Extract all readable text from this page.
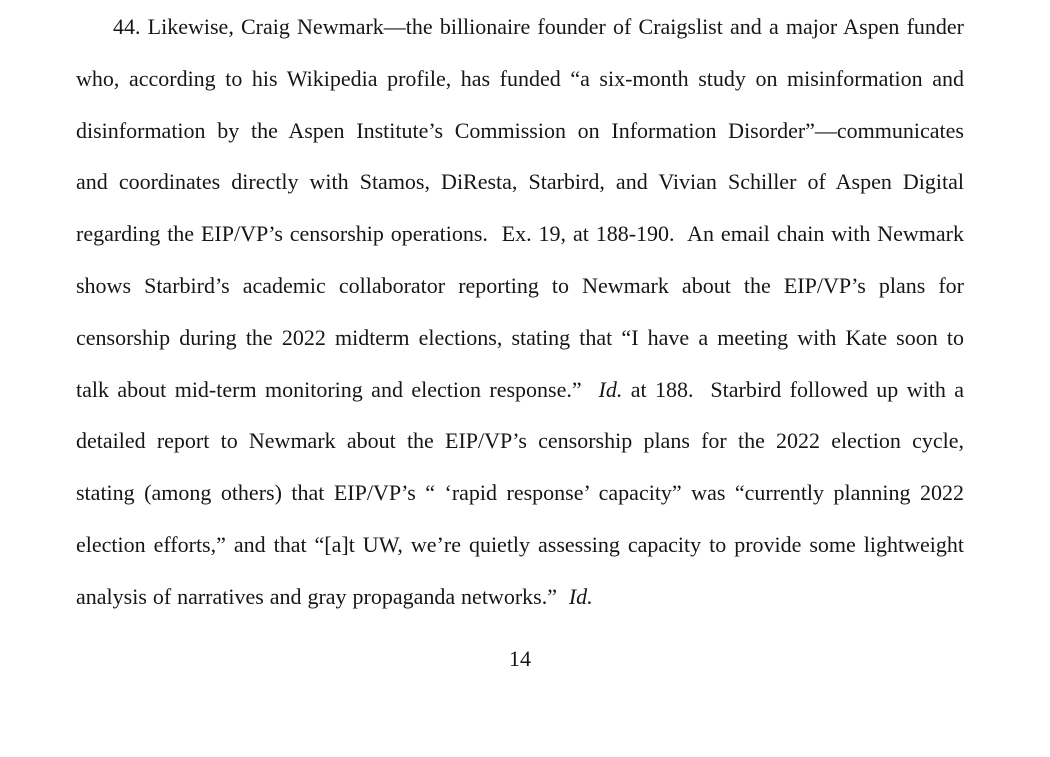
44. Likewise, Craig Newmark—the billionaire founder of Craigslist and a major Aspen funder
who, according to his Wikipedia profile, has funded “a six-month study on misinformation and
disinformation by the Aspen Institute’s Commission on Information Disorder”—communicates
and coordinates directly with Stamos, DiResta, Starbird, and Vivian Schiller of Aspen Digital
regarding the EIP/VP’s censorship operations.  Ex. 19, at 188-190.  An email chain with Newmark
shows Starbird’s academic collaborator reporting to Newmark about the EIP/VP’s plans for
censorship during the 2022 midterm elections, stating that “I have a meeting with Kate soon to
talk about mid-term monitoring and election response.”  Id. at 188.  Starbird followed up with a
detailed report to Newmark about the EIP/VP’s censorship plans for the 2022 election cycle,
stating (among others) that EIP/VP’s “ ‘rapid response’ capacity” was “currently planning 2022
election efforts,” and that “[a]t UW, we’re quietly assessing capacity to provide some lightweight
analysis of narratives and gray propaganda networks.”  Id.
14
